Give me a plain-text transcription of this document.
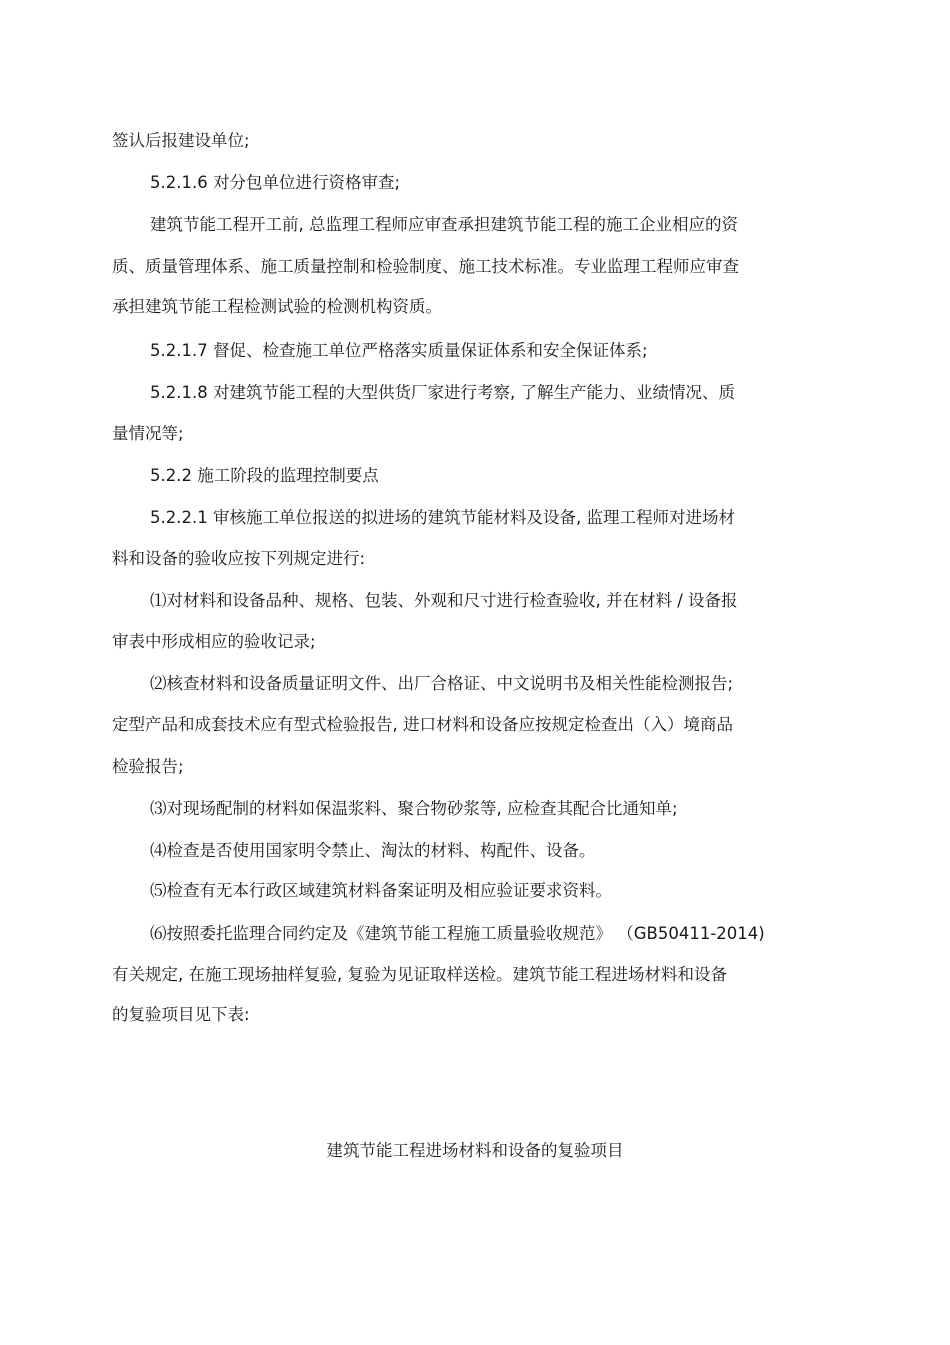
签认后报建设单位;
5.2.1.6 对分包单位进行资格审查;
建筑节能工程开工前, 总监理工程师应审查承担建筑节能工程的施工企业相应的资
质、质量管理体系、施工质量控制和检验制度、施工技术标准。专业监理工程师应审查
承担建筑节能工程检测试验的检测机构资质。
5.2.1.7 督促、检查施工单位严格落实质量保证体系和安全保证体系;
5.2.1.8 对建筑节能工程的大型供货厂家进行考察, 了解生产能力、业绩情况、质
量情况等;
5.2.2 施工阶段的监理控制要点
5.2.2.1 审核施工单位报送的拟进场的建筑节能材料及设备, 监理工程师对进场材
料和设备的验收应按下列规定进行:
⑴对材料和设备品种、规格、包装、外观和尺寸进行检查验收, 并在材料 / 设备报
审表中形成相应的验收记录;
⑵核查材料和设备质量证明文件、出厂合格证、中文说明书及相关性能检测报告;
定型产品和成套技术应有型式检验报告, 进口材料和设备应按规定检查出（入）境商品
检验报告;
⑶对现场配制的材料如保温浆料、聚合物砂浆等, 应检查其配合比通知单;
⑷检查是否使用国家明令禁止、淘汰的材料、构配件、设备。
⑸检查有无本行政区域建筑材料备案证明及相应验证要求资料。
⑹按照委托监理合同约定及《建筑节能工程施工质量验收规范》 （GB50411-2014)
有关规定, 在施工现场抽样复验, 复验为见证取样送检。建筑节能工程进场材料和设备
的复验项目见下表:
建筑节能工程进场材料和设备的复验项目
